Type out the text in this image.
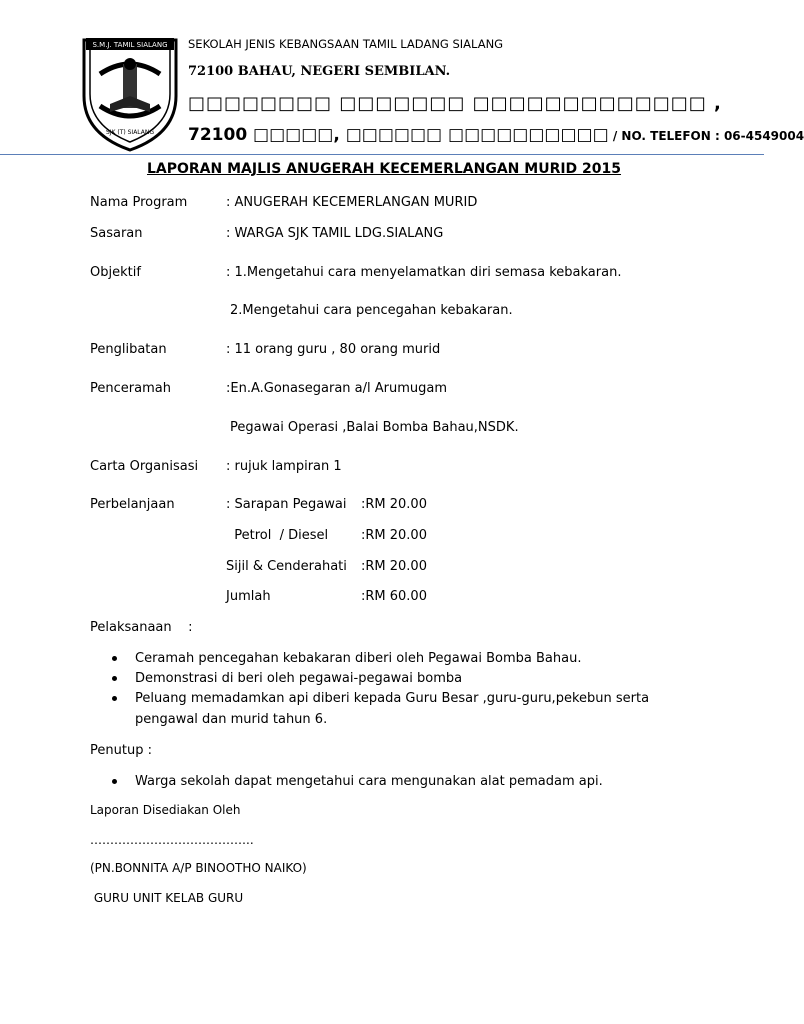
S.M.J. TAMIL SIALANG
SJK (T) SIALANG
SEKOLAH JENIS KEBANGSAAN TAMIL LADANG SIALANG
72100 BAHAU, NEGERI SEMBILAN.
□□□□□□□□ □□□□□□□ □□□□□□□□□□□□□ ,
72100 □□□□□, □□□□□□ □□□□□□□□□□ / NO. TELEFON : 06-4549004
LAPORAN MAJLIS ANUGERAH KECEMERLANGAN MURID 2015
Nama Program	: ANUGERAH KECEMERLANGAN MURID
Sasaran	: WARGA SJK TAMIL LDG.SIALANG
Objektif	: 1.Mengetahui cara menyelamatkan diri semasa kebakaran.
2.Mengetahui cara pencegahan kebakaran.
Penglibatan	: 11 orang guru , 80 orang murid
Penceramah	:En.A.Gonasegaran a/l Arumugam
Pegawai Operasi ,Balai Bomba Bahau,NSDK.
Carta Organisasi : rujuk lampiran 1
Perbelanjaan	: Sarapan Pegawai :RM 20.00
Petrol  / Diesel	:RM 20.00
Sijil & Cenderahati :RM 20.00
Jumlah	:RM 60.00
Pelaksanaan    :
Ceramah pencegahan kebakaran diberi oleh Pegawai Bomba Bahau.
Demonstrasi di beri oleh pegawai-pegawai bomba
Peluang memadamkan api diberi kepada Guru Besar ,guru-guru,pekebun serta
pengawal dan murid tahun 6.
Penutup :
Warga sekolah dapat mengetahui cara mengunakan alat pemadam api.
Laporan Disediakan Oleh
…………………………………..
(PN.BONNITA A/P BINOOTHO NAIKO)
GURU UNIT KELAB GURU
